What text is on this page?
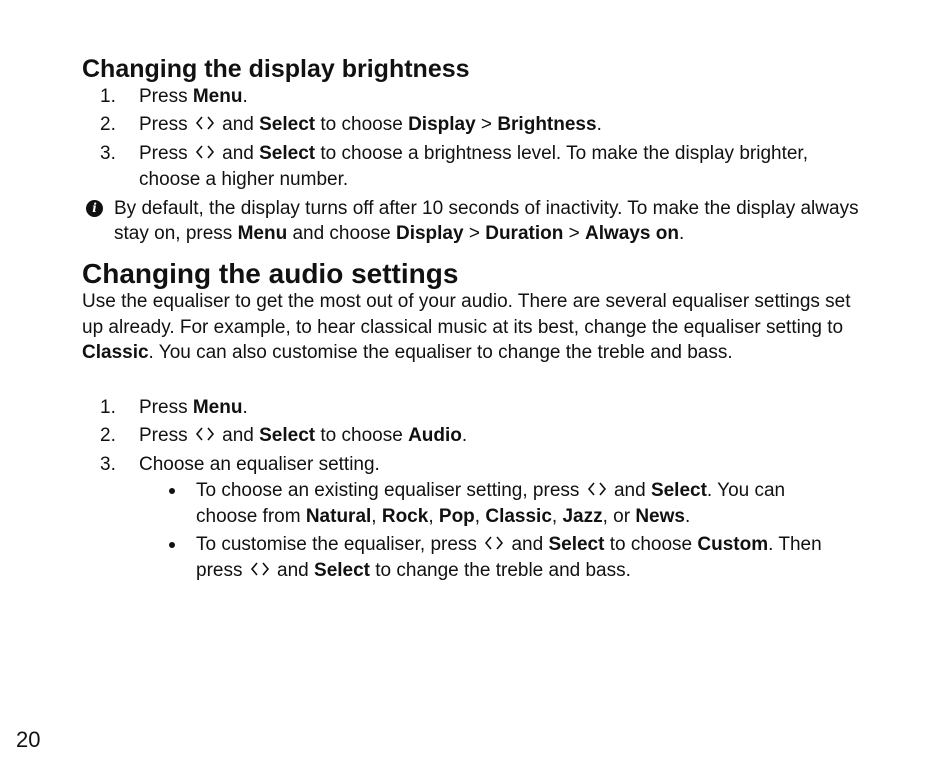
Changing the display brightness
1. Press Menu.
2. Press  and Select to choose Display > Brightness.
3. Press  and Select to choose a brightness level. To make the display brighter, choose a higher number.
i By default, the display turns off after 10 seconds of inactivity. To make the display always stay on, press Menu and choose Display > Duration > Always on.
Changing the audio settings

Use the equaliser to get the most out of your audio. There are several equaliser settings set up already. For example, to hear classical music at its best, change the equaliser setting to Classic. You can also customise the equaliser to change the treble and bass.

1. Press Menu.
2. Press  and Select to choose Audio.
3. Choose an equaliser setting.
To choose an existing equaliser setting, press  and Select. You can choose from Natural, Rock, Pop, Classic, Jazz, or News.
To customise the equaliser, press  and Select to choose Custom. Then press  and Select to change the treble and bass.
20
